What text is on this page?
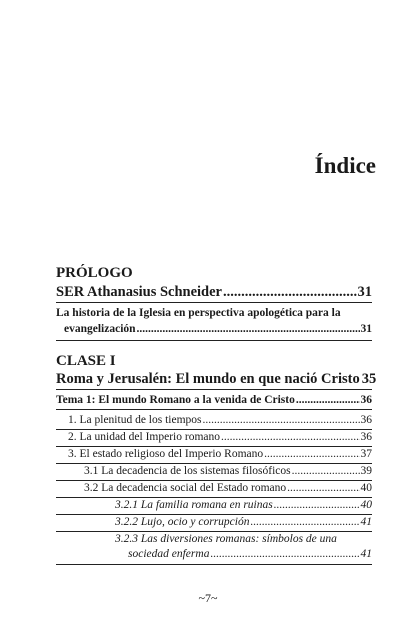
Índice
PRÓLOGO
SER Athanasius Schneider .....	31
La historia de la Iglesia en perspectiva apologética para la
evangelización .....	31
CLASE I
Roma y Jerusalén: El mundo en que nació Cristo 35
Tema 1: El mundo Romano a la venida de Cristo .....	36
1. La plenitud de los tiempos .....	36
2. La unidad del Imperio romano .....	36
3. El estado religioso del Imperio Romano .....	37
3.1 La decadencia de los sistemas filosóficos .....	39
3.2 La decadencia social del Estado romano .....	40
3.2.1 La familia romana en ruinas .....	40
3.2.2 Lujo, ocio y corrupción .....	41
3.2.3 Las diversiones romanas: símbolos de una
sociedad enferma .....	41
~7~
